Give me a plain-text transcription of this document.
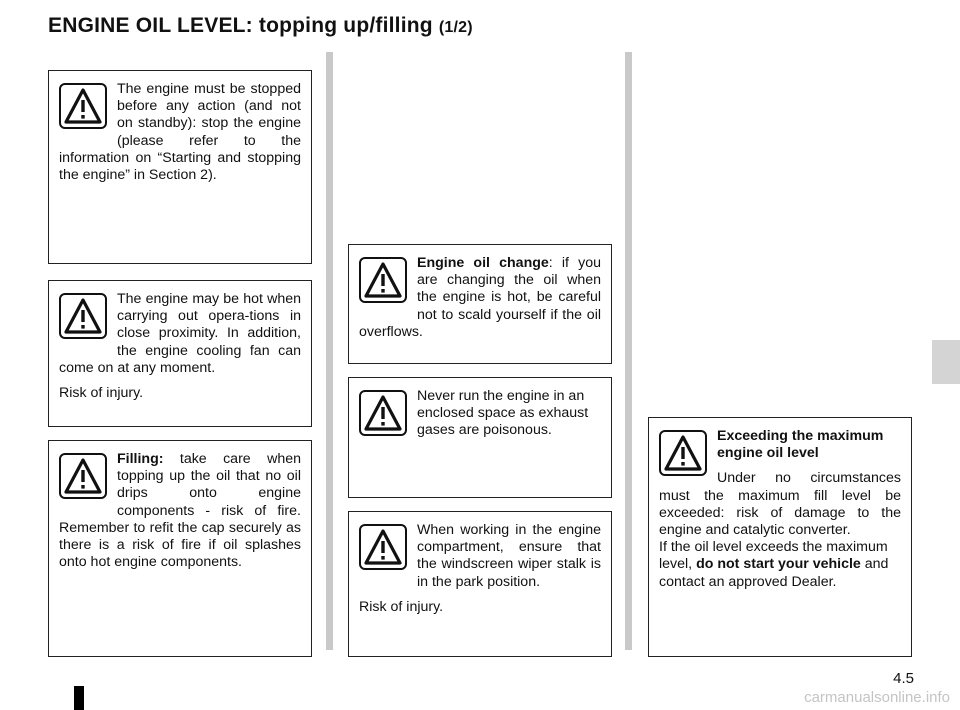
ENGINE OIL LEVEL: topping up/filling (1/2)

The engine must be stopped before any action (and not on standby): stop the engine (please refer to the information on “Starting and stopping the engine” in Section 2).

The engine may be hot when carrying out opera-tions in close proximity. In addition, the engine cooling fan can come on at any moment.

Risk of injury.

Filling: take care when topping up the oil that no oil drips onto engine components - risk of fire. Remember to refit the cap securely as there is a risk of fire if oil splashes onto hot engine components.

Engine oil change: if you are changing the oil when the engine is hot, be careful not to scald yourself if the oil overflows.

Never run the engine in an enclosed space as exhaust gases are poisonous.

When working in the engine compartment, ensure that the windscreen wiper stalk is in the park position.

Risk of injury.

Exceeding the maximum engine oil level

Under no circumstances must the maximum fill level be exceeded: risk of damage to the engine and catalytic converter.

If the oil level exceeds the maximum level, do not start your vehicle and contact an approved Dealer.

4.5
carmanualsonline.info
